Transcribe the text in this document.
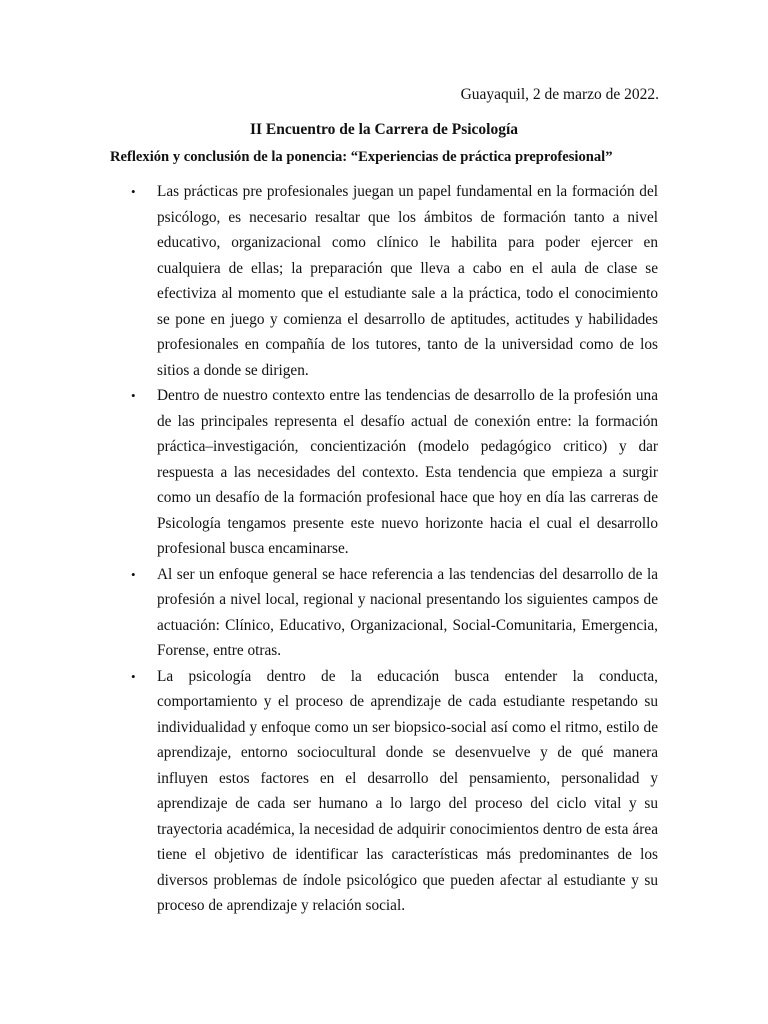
Guayaquil, 2 de marzo de 2022.
II Encuentro de la Carrera de Psicología
Reflexión y conclusión de la ponencia: “Experiencias de práctica preprofesional”
• Las prácticas pre profesionales juegan un papel fundamental en la formación del psicólogo, es necesario resaltar que los ámbitos de formación tanto a nivel educativo, organizacional como clínico le habilita para poder ejercer en cualquiera de ellas; la preparación que lleva a cabo en el aula de clase se efectiviza al momento que el estudiante sale a la práctica, todo el conocimiento se pone en juego y comienza el desarrollo de aptitudes, actitudes y habilidades profesionales en compañía de los tutores, tanto de la universidad como de los sitios a donde se dirigen.
• Dentro de nuestro contexto entre las tendencias de desarrollo de la profesión una de las principales representa el desafío actual de conexión entre: la formación práctica–investigación, concientización (modelo pedagógico critico) y dar respuesta a las necesidades del contexto. Esta tendencia que empieza a surgir como un desafío de la formación profesional hace que hoy en día las carreras de Psicología tengamos presente este nuevo horizonte hacia el cual el desarrollo profesional busca encaminarse.
• Al ser un enfoque general se hace referencia a las tendencias del desarrollo de la profesión a nivel local, regional y nacional presentando los siguientes campos de actuación: Clínico, Educativo, Organizacional, Social-Comunitaria, Emergencia, Forense, entre otras.
• La psicología dentro de la educación busca entender la conducta, comportamiento y el proceso de aprendizaje de cada estudiante respetando su individualidad y enfoque como un ser biopsico-social así como el ritmo, estilo de aprendizaje, entorno sociocultural donde se desenvuelve y de qué manera influyen estos factores en el desarrollo del pensamiento, personalidad y aprendizaje de cada ser humano a lo largo del proceso del ciclo vital y su trayectoria académica, la necesidad de adquirir conocimientos dentro de esta área tiene el objetivo de identificar las características más predominantes de los diversos problemas de índole psicológico que pueden afectar al estudiante y su proceso de aprendizaje y relación social.
